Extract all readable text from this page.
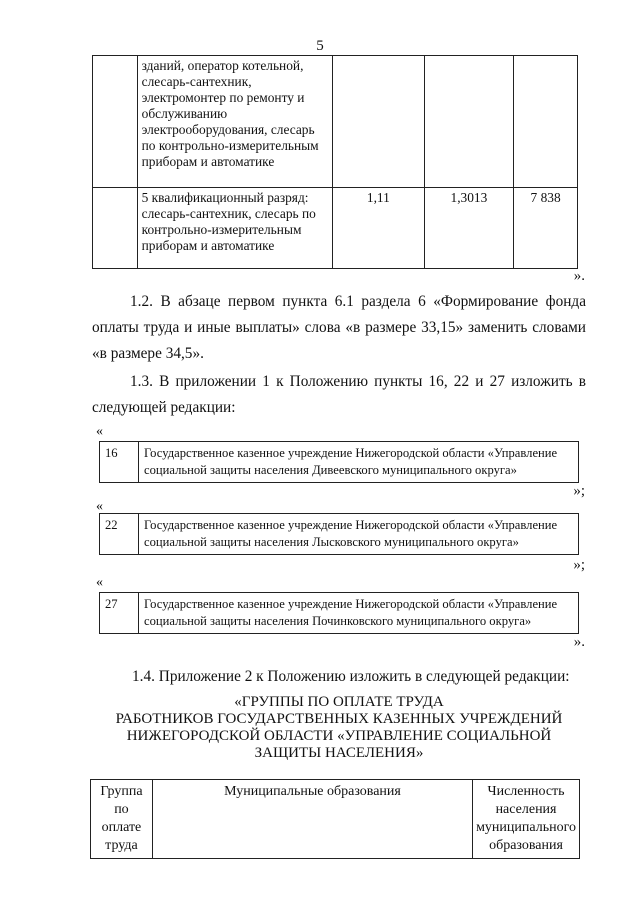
5
	зданий, оператор котельной, слесарь-сантехник, электромонтер по ремонту и обслуживанию электрооборудования, слесарь по контрольно-измерительным приборам и автоматике			
	5 квалификационный разряд: слесарь-сантехник, слесарь по контрольно-измерительным приборам и автоматике	1,11	1,3013	7 838
».
1.2. В абзаце первом пункта 6.1 раздела 6 «Формирование фонда оплаты труда и иные выплаты» слова «в размере 33,15» заменить словами «в размере 34,5».
1.3. В приложении 1 к Положению пункты 16, 22 и 27 изложить в следующей редакции:
«
16	Государственное казенное учреждение Нижегородской области «Управление социальной защиты населения Дивеевского муниципального округа»
»;
«
22	Государственное казенное учреждение Нижегородской области «Управление социальной защиты населения Лысковского муниципального округа»
»;
«
27	Государственное казенное учреждение Нижегородской области «Управление социальной защиты населения Починковского муниципального округа»
».
1.4. Приложение 2 к Положению изложить в следующей редакции:
«ГРУППЫ ПО ОПЛАТЕ ТРУДА
РАБОТНИКОВ ГОСУДАРСТВЕННЫХ КАЗЕННЫХ УЧРЕЖДЕНИЙ
НИЖЕГОРОДСКОЙ ОБЛАСТИ «УПРАВЛЕНИЕ СОЦИАЛЬНОЙ
ЗАЩИТЫ НАСЕЛЕНИЯ»
Группа по оплате труда	Муниципальные образования	Численность населения муниципального образования
